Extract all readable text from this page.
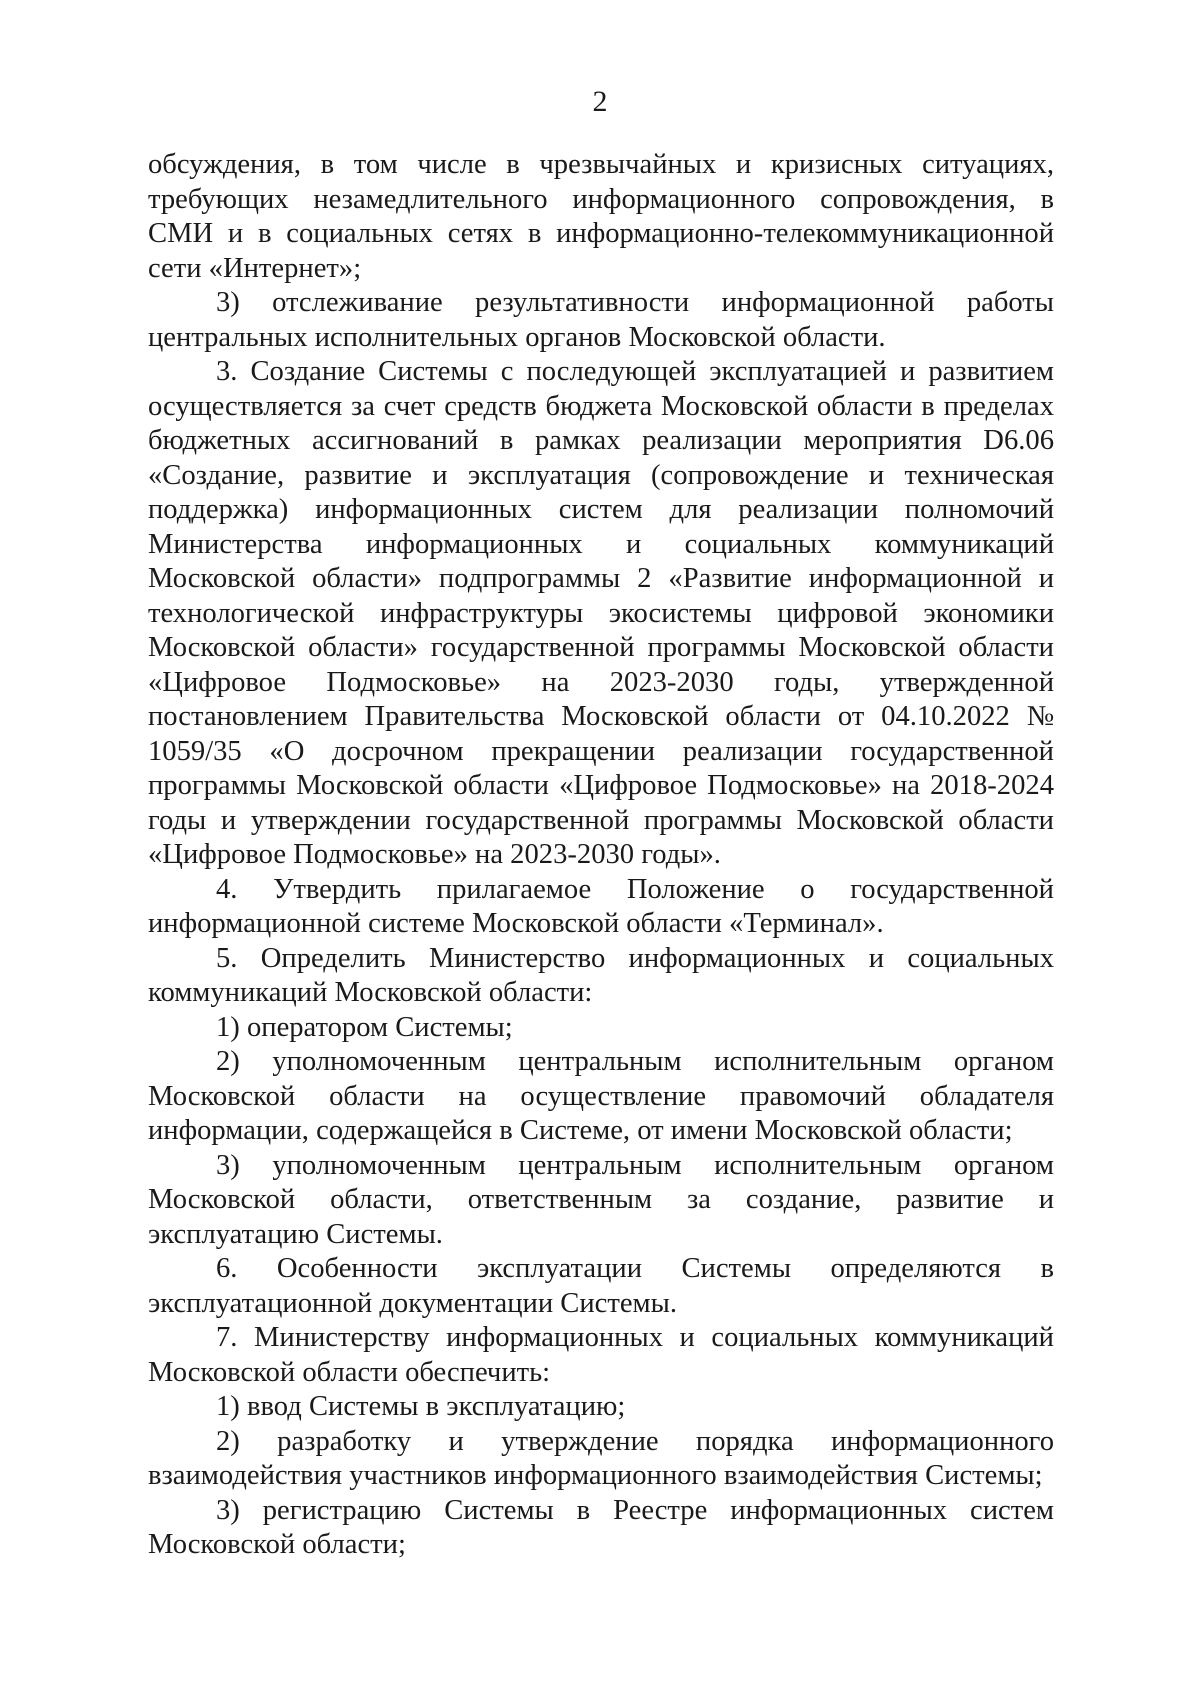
2

обсуждения, в том числе в чрезвычайных и кризисных ситуациях, требующих незамедлительного информационного сопровождения, в СМИ и в социальных сетях в информационно-телекоммуникационной сети «Интернет»;

3) отслеживание результативности информационной работы центральных исполнительных органов Московской области.

3. Создание Системы с последующей эксплуатацией и развитием осуществляется за счет средств бюджета Московской области в пределах бюджетных ассигнований в рамках реализации мероприятия D6.06 «Создание, развитие и эксплуатация (сопровождение и техническая поддержка) информационных систем для реализации полномочий Министерства информационных и социальных коммуникаций Московской области» подпрограммы 2 «Развитие информационной и технологической инфраструктуры экосистемы цифровой экономики Московской области» государственной программы Московской области «Цифровое Подмосковье» на 2023-2030 годы, утвержденной постановлением Правительства Московской области от 04.10.2022 № 1059/35 «О досрочном прекращении реализации государственной программы Московской области «Цифровое Подмосковье» на 2018-2024 годы и утверждении государственной программы Московской области «Цифровое Подмосковье» на 2023-2030 годы».

4. Утвердить прилагаемое Положение о государственной информационной системе Московской области «Терминал».

5. Определить Министерство информационных и социальных коммуникаций Московской области:

1) оператором Системы;

2) уполномоченным центральным исполнительным органом Московской области на осуществление правомочий обладателя информации, содержащейся в Системе, от имени Московской области;

3) уполномоченным центральным исполнительным органом Московской области, ответственным за создание, развитие и эксплуатацию Системы.

6. Особенности эксплуатации Системы определяются в эксплуатационной документации Системы.

7. Министерству информационных и социальных коммуникаций Московской области обеспечить:

1) ввод Системы в эксплуатацию;

2) разработку и утверждение порядка информационного взаимодействия участников информационного взаимодействия Системы;

3) регистрацию Системы в Реестре информационных систем Московской области;
